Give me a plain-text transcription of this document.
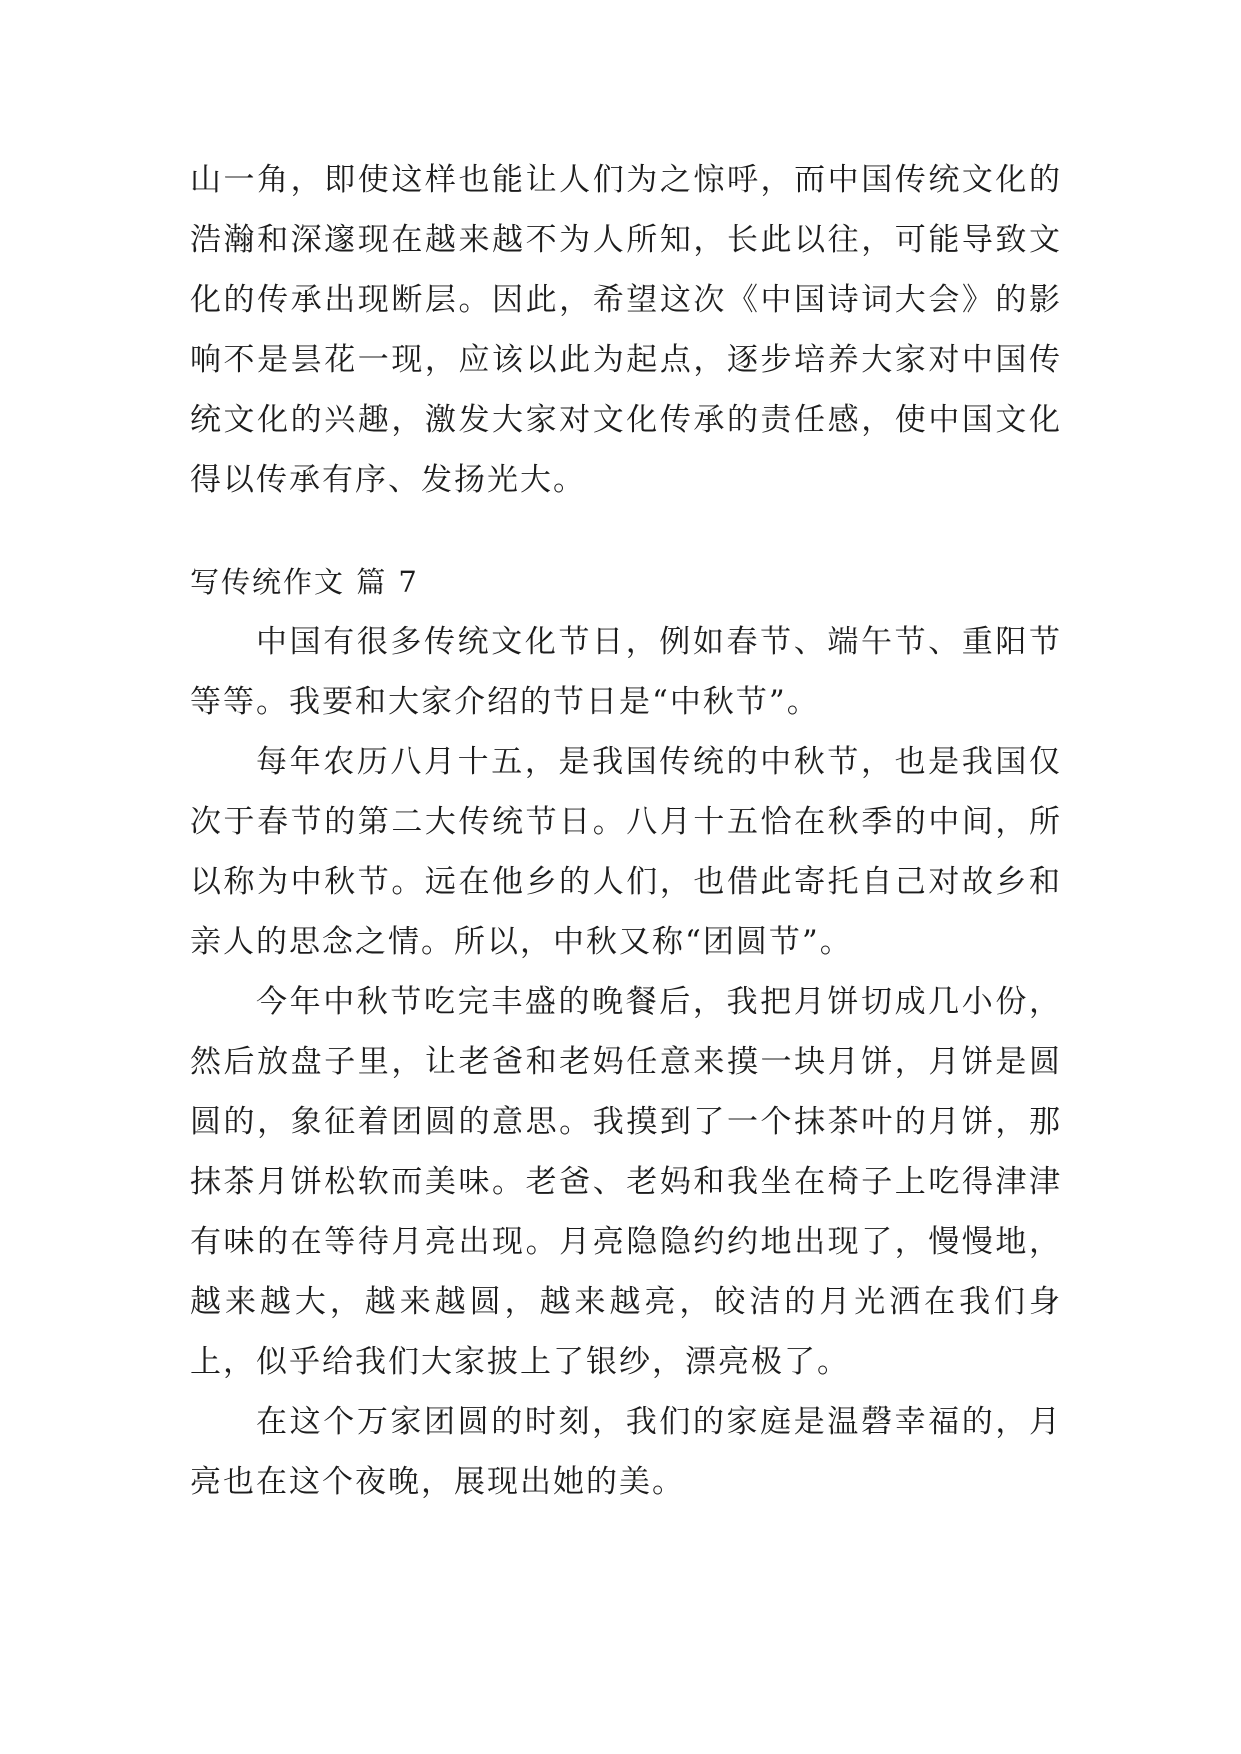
山一角，即使这样也能让人们为之惊呼，而中国传统文化的浩瀚和深邃现在越来越不为人所知，长此以往，可能导致文化的传承出现断层。因此，希望这次《中国诗词大会》的影响不是昙花一现，应该以此为起点，逐步培养大家对中国传统文化的兴趣，激发大家对文化传承的责任感，使中国文化得以传承有序、发扬光大。

写传统作文 篇 7

中国有很多传统文化节日，例如春节、端午节、重阳节等等。我要和大家介绍的节日是“中秋节”。

每年农历八月十五，是我国传统的中秋节，也是我国仅次于春节的第二大传统节日。八月十五恰在秋季的中间，所以称为中秋节。远在他乡的人们，也借此寄托自己对故乡和亲人的思念之情。所以，中秋又称“团圆节”。

今年中秋节吃完丰盛的晚餐后，我把月饼切成几小份，然后放盘子里，让老爸和老妈任意来摸一块月饼，月饼是圆圆的，象征着团圆的意思。我摸到了一个抹茶叶的月饼，那抹茶月饼松软而美味。老爸、老妈和我坐在椅子上吃得津津有味的在等待月亮出现。月亮隐隐约约地出现了，慢慢地，越来越大，越来越圆，越来越亮，皎洁的月光洒在我们身上，似乎给我们大家披上了银纱，漂亮极了。

在这个万家团圆的时刻，我们的家庭是温磬幸福的，月亮也在这个夜晚，展现出她的美。
